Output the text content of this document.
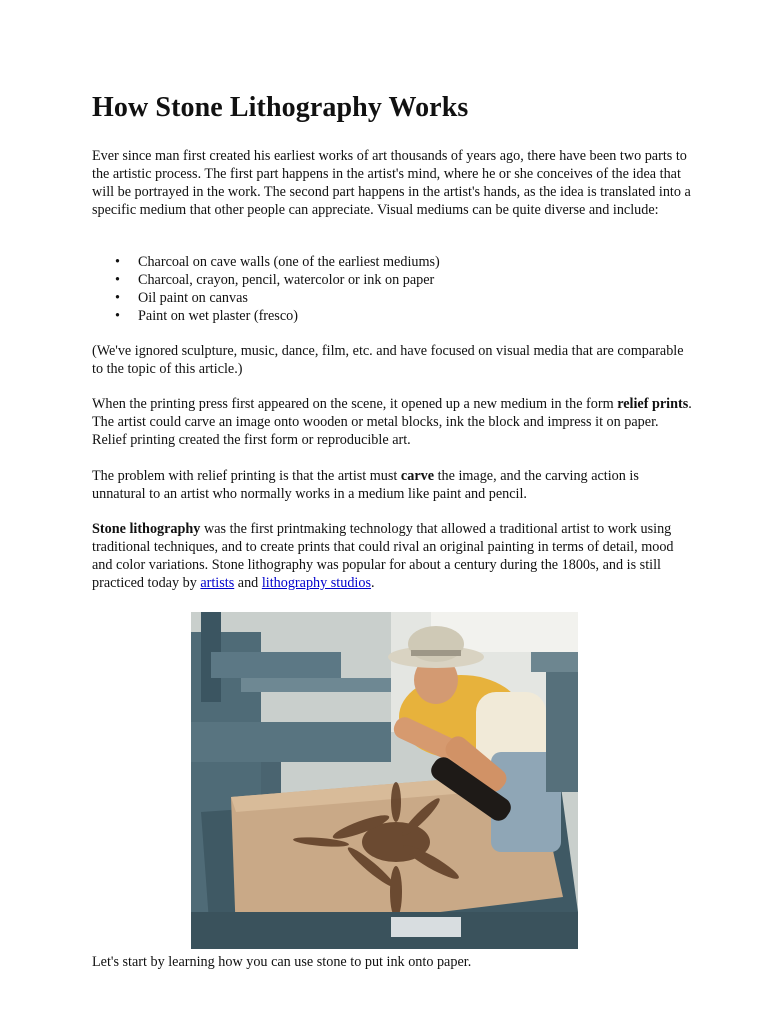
How Stone Lithography Works

Ever since man first created his earliest works of art thousands of years ago, there have been two parts to the artistic process. The first part happens in the artist's mind, where he or she conceives of the idea that will be portrayed in the work. The second part happens in the artist's hands, as the idea is translated into a specific medium that other people can appreciate. Visual mediums can be quite diverse and include:

• Charcoal on cave walls (one of the earliest mediums)
• Charcoal, crayon, pencil, watercolor or ink on paper
• Oil paint on canvas
• Paint on wet plaster (fresco)

(We've ignored sculpture, music, dance, film, etc. and have focused on visual media that are comparable to the topic of this article.)

When the printing press first appeared on the scene, it opened up a new medium in the form relief prints. The artist could carve an image onto wooden or metal blocks, ink the block and impress it on paper. Relief printing created the first form or reproducible art.

The problem with relief printing is that the artist must carve the image, and the carving action is unnatural to an artist who normally works in a medium like paint and pencil.

Stone lithography was the first printmaking technology that allowed a traditional artist to work using traditional techniques, and to create prints that could rival an original painting in terms of detail, mood and color variations. Stone lithography was popular for about a century during the 1800s, and is still practiced today by artists and lithography studios.

Let's start by learning how you can use stone to put ink onto paper.
